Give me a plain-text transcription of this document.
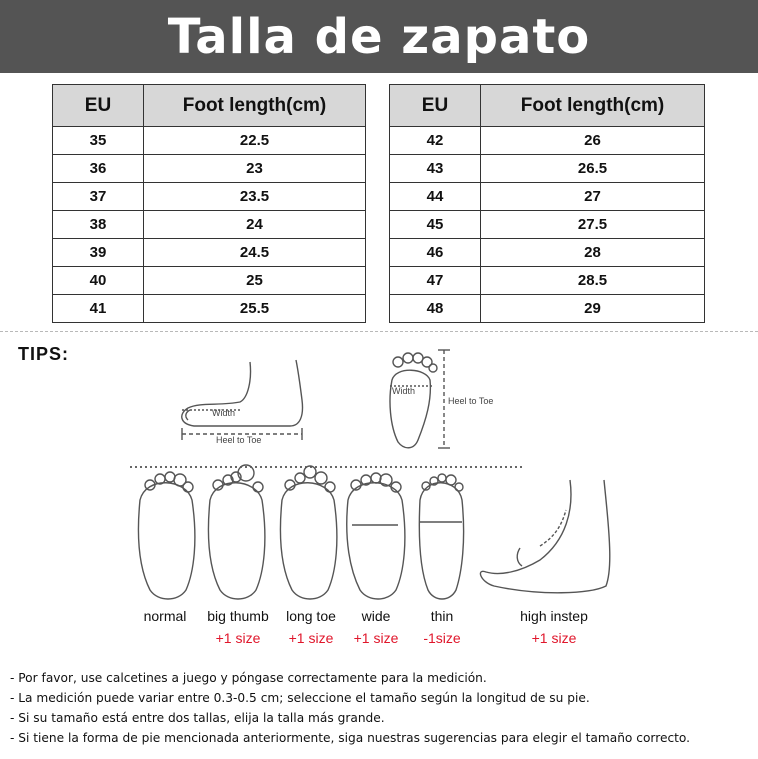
Talla de zapato
EU	Foot length(cm)
35	22.5
36	23
37	23.5
38	24
39	24.5
40	25
41	25.5
EU	Foot length(cm)
42	26
43	26.5
44	27
45	27.5
46	28
47	28.5
48	29
TIPS:
Width
Heel to Toe
Width
Heel to Toe
normal	big thumb
+1 size
long toe
+1 size
wide
+1 size
thin
-1size
high instep
+1 size
- Por favor, use calcetines a juego y póngase correctamente para la medición.
- La medición puede variar entre 0.3-0.5 cm; seleccione el tamaño según la longitud de su pie.
- Si su tamaño está entre dos tallas, elija la talla más grande.
- Si tiene la forma de pie mencionada anteriormente, siga nuestras sugerencias para elegir el tamaño correcto.
